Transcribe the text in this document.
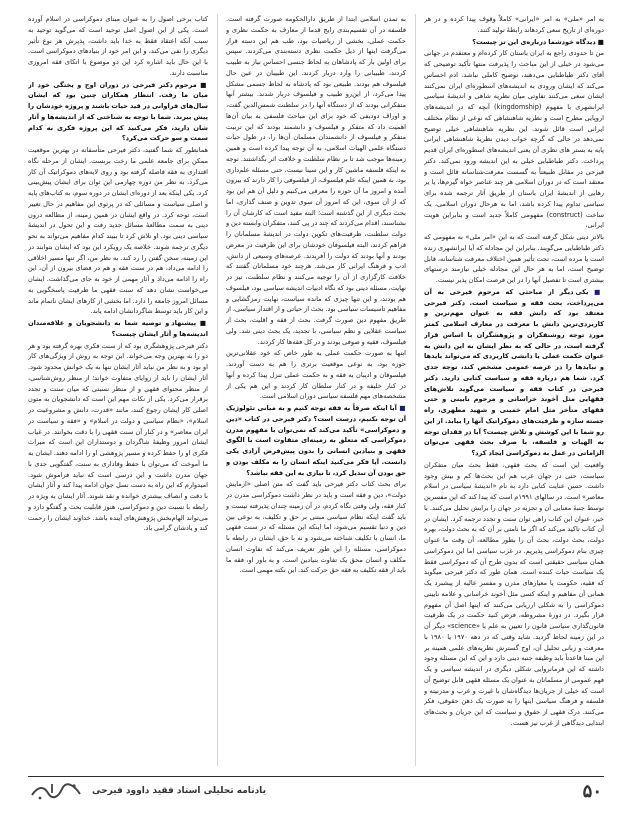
به امر «ملی» به امر «ایرانی» کاملاً وقوف پیدا کرده و در هر دوره‌ای از تاریخ سعی کردهاند رابطۀ تولید کنند.

■ دیدگاه خودشما درباره‌ی این تز چیست؟

من تا حدودی راجع به ایران باستان کار کرده‌ام و معتقدم در جهانی می‌شود در خیلی از این مباحث را پذیرفت منتها تأکید توضیحی که آقای دکتر طباطبایی می‌دهند، توضیح کاملی نباشد. ادم احساس می‌کند که ایشان ورودی به اندیشه‌های اسطوره‌ای ایران نمی‌کنند ایشان سعی می‌کنند تفاوتی میان نظریه شاهی و اندیشۀ سیاسی ایرانشهری با مفهوم (kingdomship) آنچه که در اندیشه‌های اروپایی مطرح است و نظریه شاهنشاهی که نوعی از نظام مختلف ایرانی است قائل شوند. این نظریه شاهنشاهی خیلی توضیح نمی‌دهد در حالی که گرچه خواب دیدن نظریۀ شاهنشاهی ایرانی پایه به بستر های نظری آن یعنی اندیشه‌های اسطوره‌ای ایران قدیم پرداخت. دکتر طباطبایی خیلی به این اندیشه ورود نمی‌کند. دکتر فیرحی در مقابل طبیعتاً به گسست معرفت‌شناسانه قائل است و معتقد است که در دوران اسلامی هر چند عناصر خواه گیرم‌ها، یا یر رهایی از اندیشۀ ایران باستان از طریق آثار ترجمه شده برای سیاسی تداوم پیدا کرده باشد، اما به هرحال دوران اسلامی، یک ساخت (construct) مفهومی کاملاً جدید است و بنابراین هویت ایرانی،

بالاتر دینی شکل گرفته است که به این «امر ملی» به مفهومی که دکتر طباطبایی می‌گویند. بنابراین این مجادله که آیا ایرانشهری زنده است یا مرده است، تحت تأثیر همین اختلاف معرفت شناسانه، قابل توضیح است، اما به هر حال این مجادله خیلی نیازمند درستهای بیشتری است تا تفصیل آنها را در این فرصت امکان پذیر نیست.

■ یکی دیگر از مباحثی که مرحوم فیرحی به آن می‌پرداخت، بحث فقه و سیاست است. دکتر فیرحی معتقد بود که دانش فقه به عنوان مهم‌ترین و کاربردی‌ترین دانش با معرفت در معارف اسلامی کمتر مورد توجه روشنفکران و پژوهشگران با اساس قرار گرفته است، در حالی که به نظر ایشان به این دانش به عنوان حکمت عملی یا دانشی کاربردی که می‌تواند بایدها و نبایدها را در عرصه عمومی مشخص کند، توجه جدی کرد. شما هم درباره فقه و سیاست کتابی دارید. دکتر فیرحی در کتاب فقه و سیاست می‌گوید تلاش‌های فقهایی مثل آخوند خراسانی و مرحوم نایینی و حتی فقهای متأخر مثل امام خمینی و شهید مطهری، راه جسته سازه و ظرفیت‌های دموکراتیک آنها را بیابد. از این رو شما با این کوشش و تلاش چیست؟ آیا در فقدان توجه به الهیات و فلسفه، با صرف بحث فقهی می‌توان الزاماتی در عمل به دموکراسی ایجاد کرد؟

واقعیت این است که بحث فقهی، فقط بحث میان متفکران سیاست، حتی در جهان عرب هم این بحث‌ها کم و بیش وجود داشت. حسن عنایت کتابی دارد به نام «اندیشۀ سیاسی در اسلام معاصر» است. در سالهای ۱۹۹۱م است که پیدا کند که این مفسرین توسط جنبۀ معنایی آن و تجزیه در جهان را برایش تحلیل می‌کنند. با خیر، عنوان این کتاب راهی توان سنت و تجدد ترجمه کرد. ایشان در آن کتاب تاکید می‌کند که اگر ما نامتی بر آن که به بحث دولت، بهره دولت، بحث دولت، بحث آن را بطور مطالعه، آن وقت ما عنوان چیزی بنام دموکراسی پذیریم. در غرب سیاسی اما این دموکراسی همان سیاسی حقیقتی است که بدون طرح آن که دموکراسی فقط یک سیاست حیات کننده است. همان طور که دکتر فیرحی میگوید که فقیه، حکومت یا معیارهای مدرن و مفسر عالیه از پیشبرد یک همانی آن مفاهیم و اینکه کسی مثل آخوند خراسانی و علامه نایینی دموکراسی را به شکلی ارزیابی می‌کنند که اینها اصل آن مفهوم قرار بگیرد. در دورۀ مشروطه، فرض کنید حکمت در یک ظرفیت قانون‌گذاری سیاسی قانون را تعیین به علم یا «science» دیگر آن در این زمینه لحاظ گردید. شاید وقتی که در دهه ۱۹۷۰ یا ۱۹۸۰ با معرفت و زبانی تحلیل آن، اوج گسترش نظریه‌های علمی همینه بر این مبنا قاعدتاً باید وظیفه جنبه دینی دارد و این که این مسئله وجود داشته که این فرمانروایی شکلی دیگری در اندیشه سیاسی و یک فهم عمومی از مسلمانان به عنوان یک مسئله فقهی قابل توضیح آن است که خیلی از جریان‌ها دیدگاه‌شان با غیرت و غرب و مدرنیته و فلسفه و فرهنگ سیاسی اینها را به صورت یک ذهن حقوقی، فکر می‌کنند. درک فقهی از حقوق و سیاست که این جریان و بحث‌های ابتدایی دیدگاهی از غرب نیز هست.

به تمدن اسلامی ابتدا از طریق دارالحکومه صورت گرفته است. فلسفه در آن تقسیم‌بندی رایج قدما از معارف به حکمت نظری و حکمت عملی، بخشی از ریاضیات بود، طب هم این دسته قرار می‌گرفت اینها از ذیل حکمت نظری دسته‌بندی می‌کردند. سپس برای اولین بار که پادشاهان به لحاظ جنسی احساس نیاز به طبیب کردند، طبیبانی را وارد دربار کردند. این طبیبان در عین حال فیلسوف هم بودند. طبیعی بود که پادشاه به لحاظ جسمی مشکل پیدا می‌کرد، از این‌رو طبیب و فیلسوف دربار شدند. بیشتر آنها متفکرانی بودند که از دستگاه آنها را در سلطنت شمس‌الدین گفت، و اوراف دودیفی که خود برای این مباحث فلسفی به بیان آن‌ها اهمیت داد که متفکر و فیلسوف و دانشمند بودند که این تربیت متفکر و فیلسوف از دانشمندان مسلمان آن‌ها را، در طول حیات دستگاه علمی الهیات اسلامی، به آن توجه پیدا کرده است و همین زمینه‌ها موجب شد تا بر نظام سلطنت و خلافت اثر بگذاشتند. توجه به اینکه فلسفه ماشین کار و این سینا نیست، حتی مسئله علم‌داری بود، به همین اینکه علم فیلسوف، از فیلسوفی را کار دارند که بیرون آمده و امروز ما آن حوزه را معرفی می‌کنیم و دلیل آن هم این بود که از آن سوی، این که امروز آن سوی تدوین و صنف گذاری، اما بحث دیگری از این گذشته است؛ البته مفید است که کارشان آن را بشناسند، اقدام می‌کردند که چند در پی کنند، متفکران وابسته دین و دولت سلطنت، ظرفیت‌های تکوین دولت در اندیشۀ مسلمانان را فراهم کردند، البته فیلسوفان خودشان برای این ظرفیت در معرض بودند و آنها بودند که دولت را آفریدند. عرصه‌های وسیعی از دانش، ادب و فرهنگ ایرانی کار می‌شد. هرچند خود مسلمانان گفتند که خلافت کارگزاری از آن را توجیه می‌کنند و نظام سلطنت، نیز در نهایت، مسئله دینی بود که نگاه ادبیات اندیشه سیاسی بود، فیلسوف هم بودند، و این تنها چیزی که مانده سیاست، نهایت رمزگشایی و مفاهیم تاسیسات سیاسی بود. بحث از حیاتی و از اقتدار سیاسی، از طریق مفهوم دین صورت گرفت. بحث از فقه و اقلیت، بحث از سیاست عقلایی و نظم سیاسی، با تجدید، یک بحث دینی شد. ولی فیلسوف، فقیه و صوفی بودند و در کل فقه‌ها کار کردند.

اینها به صورت حکمت عملی به طور خاص که خود عقلانی‌ترین حوزه بود، به نوعی موقعیت برتری را هم به دست آوردند. فیلسوفان و ادیبان به فقه و به حکمت عملی تنزل پیدا کرده و آنها در کنار خلیفه و در کنار سلطان کار کردند و این هم یکی از مشخصه‌های مهم فلسفه سیاسی دوران اسلامی است.

■ آیا اینکه صرفاً به فقه توجه کنیم و به مبانی تئولوژیک آن توجه نکنیم، درست است؟ دکتر فیرحی در کتاب «دین و دموکراسی» تأکید می‌کند که نمی‌توان با مفهوم مدرن دموکراسی که متعلق به زمینه‌ای متفاوت است با الگوی فقهی و بنیادین انسانی را بدون پیش‌فرض آزادی یکی دانست. آیا فکر می‌کنید اینکه انسان را به مکلف بودن و حق بودن آن تبدیل کرد، تا نیازی به این فقه نباشد؟

برای بحث کتاب دکتر فیرحی باید گفت که متن اصلی «ازمایش دولت»، دین و فقه است و باید در نظر داشت دموکراسی مدرن در کنار فقه، ولی وقتی نگاه کردم، در آن زمینه چندان پذیرفته نیست و باید گفت اینکه نظام سیاسی مبتنی بر حق و تکلیف، به نوعی بین دین و دنیا تقسیم می‌شود، اما اینکه این مسئله که در سنت فقهی ما، انسان با تکلیف شناخته می‌شود و نه با حق، ایشان در رابطه با دموکراسی، مسئله را این طور تعریف می‌کند که تفاوت انسان مکلف و انسان محق یک تفاوت بنیادین است. و به باور او، فقه ما باید از فقه تکلیف به فقه حق حرکت کند. این نکته مهمی است.

کتاب برخی اصول را به عنوان مبنای دموکراسی در اسلام آورده است. یکی از این اصول اصل توحید است که می‌گوید توحید به سبب آنکه اعتقاد فقط به خدا باید داشت، پذیرش هر نوع تأثیر دیگری را نفی می‌کند، و این امر خود از بنیادهای دموکراسی است. با این حال باید اشاره کرد این دو موضوع با اتکای فقه امروزی مناسبت دارند.

■ مرحوم دکتر فیرحی در دوران اوج و یختگی خود از میان ما رفت. انتظار همکاران چنین بود که ایشان سال‌های فراوانی در قید حیات باشند و پروژه خودشان را پیش ببرند. شما با توجه به شناختی که از اندیشه‌ها و آثار شان دارید، فکر می‌کنید که این پروژه فکری به کدام سمت و سو حرکت می‌کرد؟

همانطور که شما گفتید، دکتر فیرحی متأسفانه در بهترین موقعیت ممکن برای جامعه علمی ما رخت بربست. ایشان از مرحله نگاه اقتداری به فقه فاصله گرفته بود و روی لایه‌های دموکراتیک آن کار می‌کرد. به نظر من دوره چهارمی این توان برای ایشان پیش‌بینی کرد. یکی اینکه بعد از دوره‌ای ایشان در دوره سوم، به کتاب‌های پایه و اصلی سیاست و مسائلی که در پرتوی این مفاهیم در حال تغییر است، توجه کرد. در واقع ایشان در همین زمینه، از مطالعه درون دینی به سمت مطالعۀ مسائل جدید رفت و این تحول در اندیشۀ سیاسی دینی بود. او تلاش کرد تا ببیند کدام مفاهیم می‌تواند به نحو دیگری ترجمه شوند. خلاصه یک رویکرد این بود که ایشان بتوانند در این زمینه، سخن گفتن را رد کند. به نظر من، اگر تنها مسیر اخلاقی را ادامه می‌داد، هم در سنت فقه و هم در فضای بیرون از آن، این راه را ادامه می‌داد و آثار مهمی از خود به جای می‌گذاشت. ایشان می‌خواست نشان دهد که سنت فقهی ما ظرفیت پاسخگویی به مسائل امروز جامعه را دارد. اما بخشی از کارهای ایشان ناتمام ماند و این کار باید توسط شاگردانشان ادامه یابد.

■ پیشنهاد و توصیه شما به دانشجویان و علاقه‌مندان اندیشه‌ها و آثار ایشان چیست؟

دکتر فیرحی پژوهشگری بود که از سنت فکری بهره گرفته بود و هر دو را به بهترین وجه می‌خواند. این توجه به روش از ویژگی‌های کار او بود و به نظر من نباید آثار ایشان تنها به یک خوانش محدود شود. آثار ایشان را باید از زوایای متفاوت خواند؛ از منظر روش‌شناسی، از منظر محتوای فقهی و از منظر نسبتی که میان سنت و تجدد برقرار می‌کرد. یکی از نکات مهم این است که دانشجویان به متون اصلی کار ایشان رجوع کنند، مانند «قدرت، دانش و مشروعیت در اسلام»، «نظام سیاسی و دولت در اسلام» و «فقه و سیاست در ایران معاصر» و در کنار آن سنت فقهی را با دقت بخوانند. در غیاب ایشان امروز وظیفۀ شاگردان و دوستداران این است که میراث فکری او را حفظ کرده و مسیر پژوهشی او را ادامه دهند. ایشان به ما آموخت که می‌توان با حفظ وفاداری به سنت، گفتگویی جدی با جهان مدرن داشت و این درسی است که نباید فراموش شود. امیدوارم که این راه به دست نسل جوان ادامه پیدا کند و آثار ایشان با دقت و انصاف بیشتری خوانده و نقد شوند. آثار ایشان به ویژه در رابطه با نسبت دین و دموکراسی، هنوز قابلیت بحث و گفتگو دارد و می‌تواند الهام‌بخش پژوهش‌های آینده باشد. خداوند ایشان را رحمت کند و یادشان گرامی باد.

۵۰
یادنامه تحلیلی استاد فقید داوود فیرحی
